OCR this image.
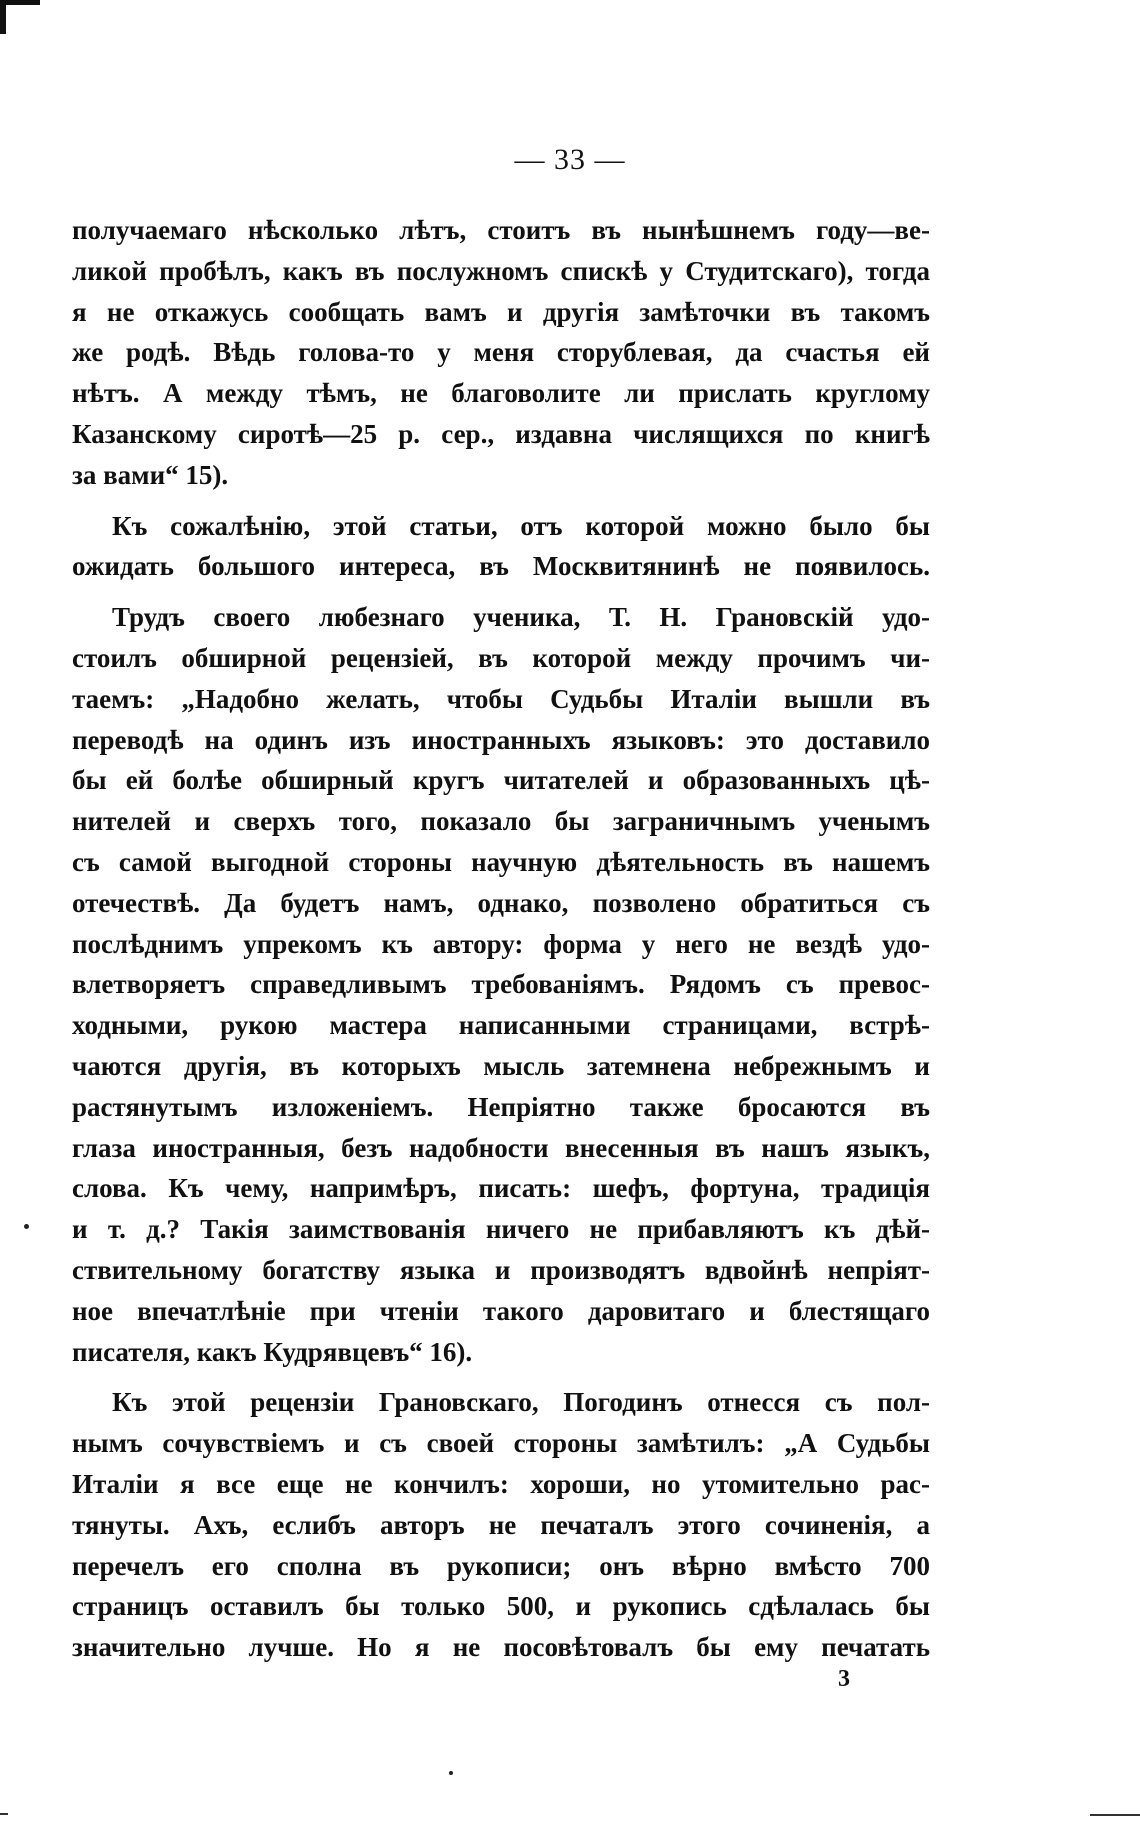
— 33 —
получаемаго нѣсколько лѣтъ, стоитъ въ нынѣшнемъ году—ве-
ликой пробѣлъ, какъ въ послужномъ спискѣ у Студитскаго), тогда
я не откажусь сообщать вамъ и другія замѣточки въ такомъ
же родѣ. Вѣдь голова-то у меня сторублевая, да счастья ей
нѣтъ. А между тѣмъ, не благоволите ли прислать круглому
Казанскому сиротѣ—25 р. сер., издавна числящихся по книгѣ
за вами“ 15).
Къ сожалѣнію, этой статьи, отъ которой можно было бы
ожидать большого интереса, въ Москвитянинѣ не появилось.
Трудъ своего любезнаго ученика, Т. Н. Грановскій удо-
стоилъ обширной рецензіей, въ которой между прочимъ чи-
таемъ: „Надобно желать, чтобы Судьбы Италіи вышли въ
переводѣ на одинъ изъ иностранныхъ языковъ: это доставило
бы ей болѣе обширный кругъ читателей и образованныхъ цѣ-
нителей и сверхъ того, показало бы заграничнымъ ученымъ
съ самой выгодной стороны научную дѣятельность въ нашемъ
отечествѣ. Да будетъ намъ, однако, позволено обратиться съ
послѣднимъ упрекомъ къ автору: форма у него не вездѣ удо-
влетворяетъ справедливымъ требованіямъ. Рядомъ съ превос-
ходными, рукою мастера написанными страницами, встрѣ-
чаются другія, въ которыхъ мысль затемнена небрежнымъ и
растянутымъ изложеніемъ. Непріятно также бросаются въ
глаза иностранныя, безъ надобности внесенныя въ нашъ языкъ,
слова. Къ чему, напримѣръ, писать: шефъ, фортуна, традиція
и т. д.? Такія заимствованія ничего не прибавляютъ къ дѣй-
ствительному богатству языка и производятъ вдвойнѣ непріят-
ное впечатлѣніе при чтеніи такого даровитаго и блестящаго
писателя, какъ Кудрявцевъ“ 16).
Къ этой рецензіи Грановскаго, Погодинъ отнесся съ пол-
нымъ сочувствіемъ и съ своей стороны замѣтилъ: „А Судьбы
Италіи я все еще не кончилъ: хороши, но утомительно рас-
тянуты. Ахъ, еслибъ авторъ не печаталъ этого сочиненія, а
перечелъ его сполна въ рукописи; онъ вѣрно вмѣсто 700
страницъ оставилъ бы только 500, и рукопись сдѣлалась бы
значительно лучше. Но я не посовѣтовалъ бы ему печатать
3
